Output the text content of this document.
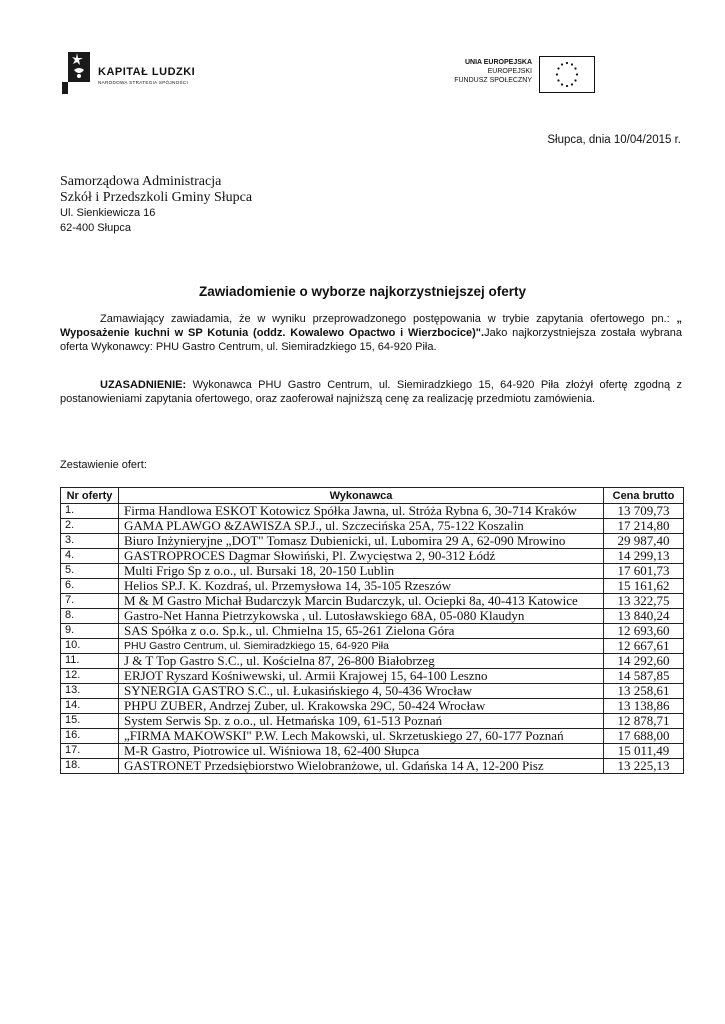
KAPITAŁ LUDZKI
NARODOWA STRATEGIA SPÓJNOŚCI
UNIA EUROPEJSKA
EUROPEJSKI
FUNDUSZ SPOŁECZNY
Słupca, dnia 10/04/2015 r.
Samorządowa Administracja
Szkół i Przedszkoli Gminy Słupca
Ul. Sienkiewicza 16
62-400 Słupca
Zawiadomienie o wyborze najkorzystniejszej oferty
Zamawiający zawiadamia, że w wyniku przeprowadzonego postępowania w trybie zapytania ofertowego pn.: „ Wyposażenie kuchni w SP Kotunia (oddz. Kowalewo Opactwo i Wierzbocice)".Jako najkorzystniejsza została wybrana oferta Wykonawcy: PHU Gastro Centrum, ul. Siemiradzkiego 15, 64-920 Piła.
UZASADNIENIE: Wykonawca PHU Gastro Centrum, ul. Siemiradzkiego 15, 64-920 Piła złożył ofertę zgodną z postanowieniami zapytania ofertowego, oraz zaoferował najniższą cenę za realizację przedmiotu zamówienia.
Zestawienie ofert:
Nr oferty	Wykonawca	Cena brutto
1.	Firma Handlowa ESKOT Kotowicz Spółka Jawna, ul. Stróża Rybna 6, 30-714 Kraków	13 709,73
2.	GAMA PLAWGO &ZAWISZA SP.J., ul. Szczecińska 25A, 75-122 Koszalin	17 214,80
3.	Biuro Inżynieryjne „DOT" Tomasz Dubienicki, ul. Lubomira 29 A, 62-090 Mrowino	29 987,40
4.	GASTROPROCES Dagmar Słowiński, Pl. Zwycięstwa 2, 90-312 Łódź	14 299,13
5.	Multi Frigo Sp z o.o., ul. Bursaki 18, 20-150 Lublin	17 601,73
6.	Helios SP.J. K. Kozdraś, ul. Przemysłowa 14, 35-105 Rzeszów	15 161,62
7.	M & M Gastro Michał Budarczyk Marcin Budarczyk, ul. Ociepki 8a, 40-413 Katowice	13 322,75
8.	Gastro-Net Hanna Pietrzykowska , ul. Lutosławskiego 68A, 05-080 Klaudyn	13 840,24
9.	SAS Spółka z o.o. Sp.k., ul. Chmielna 15, 65-261 Zielona Góra	12 693,60
10.	PHU Gastro Centrum, ul. Siemiradzkiego 15, 64-920 Piła	12 667,61
11.	J & T Top Gastro S.C., ul. Kościelna 87, 26-800 Białobrzeg	14 292,60
12.	ERJOT Ryszard Kośniwewski, ul. Armii Krajowej 15, 64-100 Leszno	14 587,85
13.	SYNERGIA GASTRO S.C., ul. Łukasińskiego 4, 50-436 Wrocław	13 258,61
14.	PHPU ZUBER, Andrzej Zuber, ul. Krakowska 29C, 50-424 Wrocław	13 138,86
15.	System Serwis Sp. z o.o., ul. Hetmańska 109, 61-513 Poznań	12 878,71
16.	„FIRMA MAKOWSKI" P.W. Lech Makowski, ul. Skrzetuskiego 27, 60-177 Poznań	17 688,00
17.	M-R Gastro, Piotrowice ul. Wiśniowa 18, 62-400 Słupca	15 011,49
18.	GASTRONET Przedsiębiorstwo Wielobranżowe, ul. Gdańska 14 A, 12-200 Pisz	13 225,13
